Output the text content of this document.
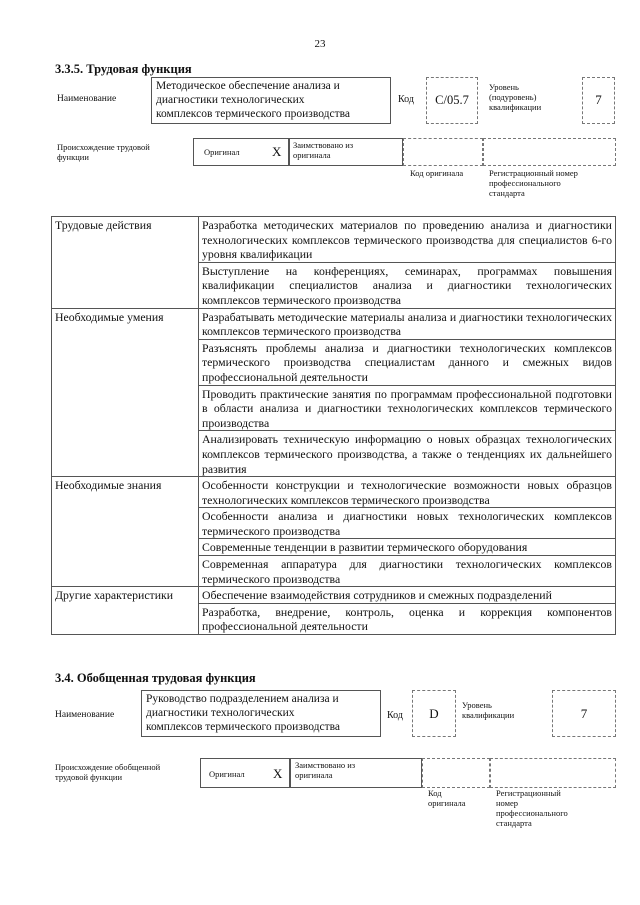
23
3.3.5. Трудовая функция
Наименование
Методическое обеспечение анализа и
диагностики технологических
комплексов термического производства
Код	С/05.7
Уровень
(подуровень)
квалификации	7
Происхождение трудовой
функции	Оригинал X Заимствовано из
оригинала
Код оригинала	Регистрационный номер
профессионального
стандарта
Трудовые действия	Разработка методических материалов по проведению анализа и диагностики технологических комплексов термического производства для специалистов 6-го уровня квалификации
	Выступление на конференциях, семинарах, программах повышения квалификации специалистов анализа и диагностики технологических комплексов термического производства
Необходимые умения	Разрабатывать методические материалы анализа и диагностики технологических комплексов термического производства
	Разъяснять проблемы анализа и диагностики технологических комплексов термического производства специалистам данного и смежных видов профессиональной деятельности
	Проводить практические занятия по программам профессиональной подготовки в области анализа и диагностики технологических комплексов термического производства
	Анализировать техническую информацию о новых образцах технологических комплексов термического производства, а также о тенденциях их дальнейшего развития
Необходимые знания	Особенности конструкции и технологические возможности новых образцов технологических комплексов термического производства
	Особенности анализа и диагностики новых технологических комплексов термического производства
	Современные тенденции в развитии термического оборудования
	Современная аппаратура для диагностики технологических комплексов термического производства
Другие характеристики	Обеспечение взаимодействия сотрудников и смежных подразделений
	Разработка, внедрение, контроль, оценка и коррекция компонентов профессиональной деятельности
3.4. Обобщенная трудовая функция
Наименование
Руководство подразделением анализа и
диагностики технологических
комплексов термического производства
Код	D
Уровень
квалификации	7
Происхождение обобщенной
трудовой функции	Оригинал X
Заимствовано из
оригинала
Код
оригинала
Регистрационный
номер
профессионального
стандарта
